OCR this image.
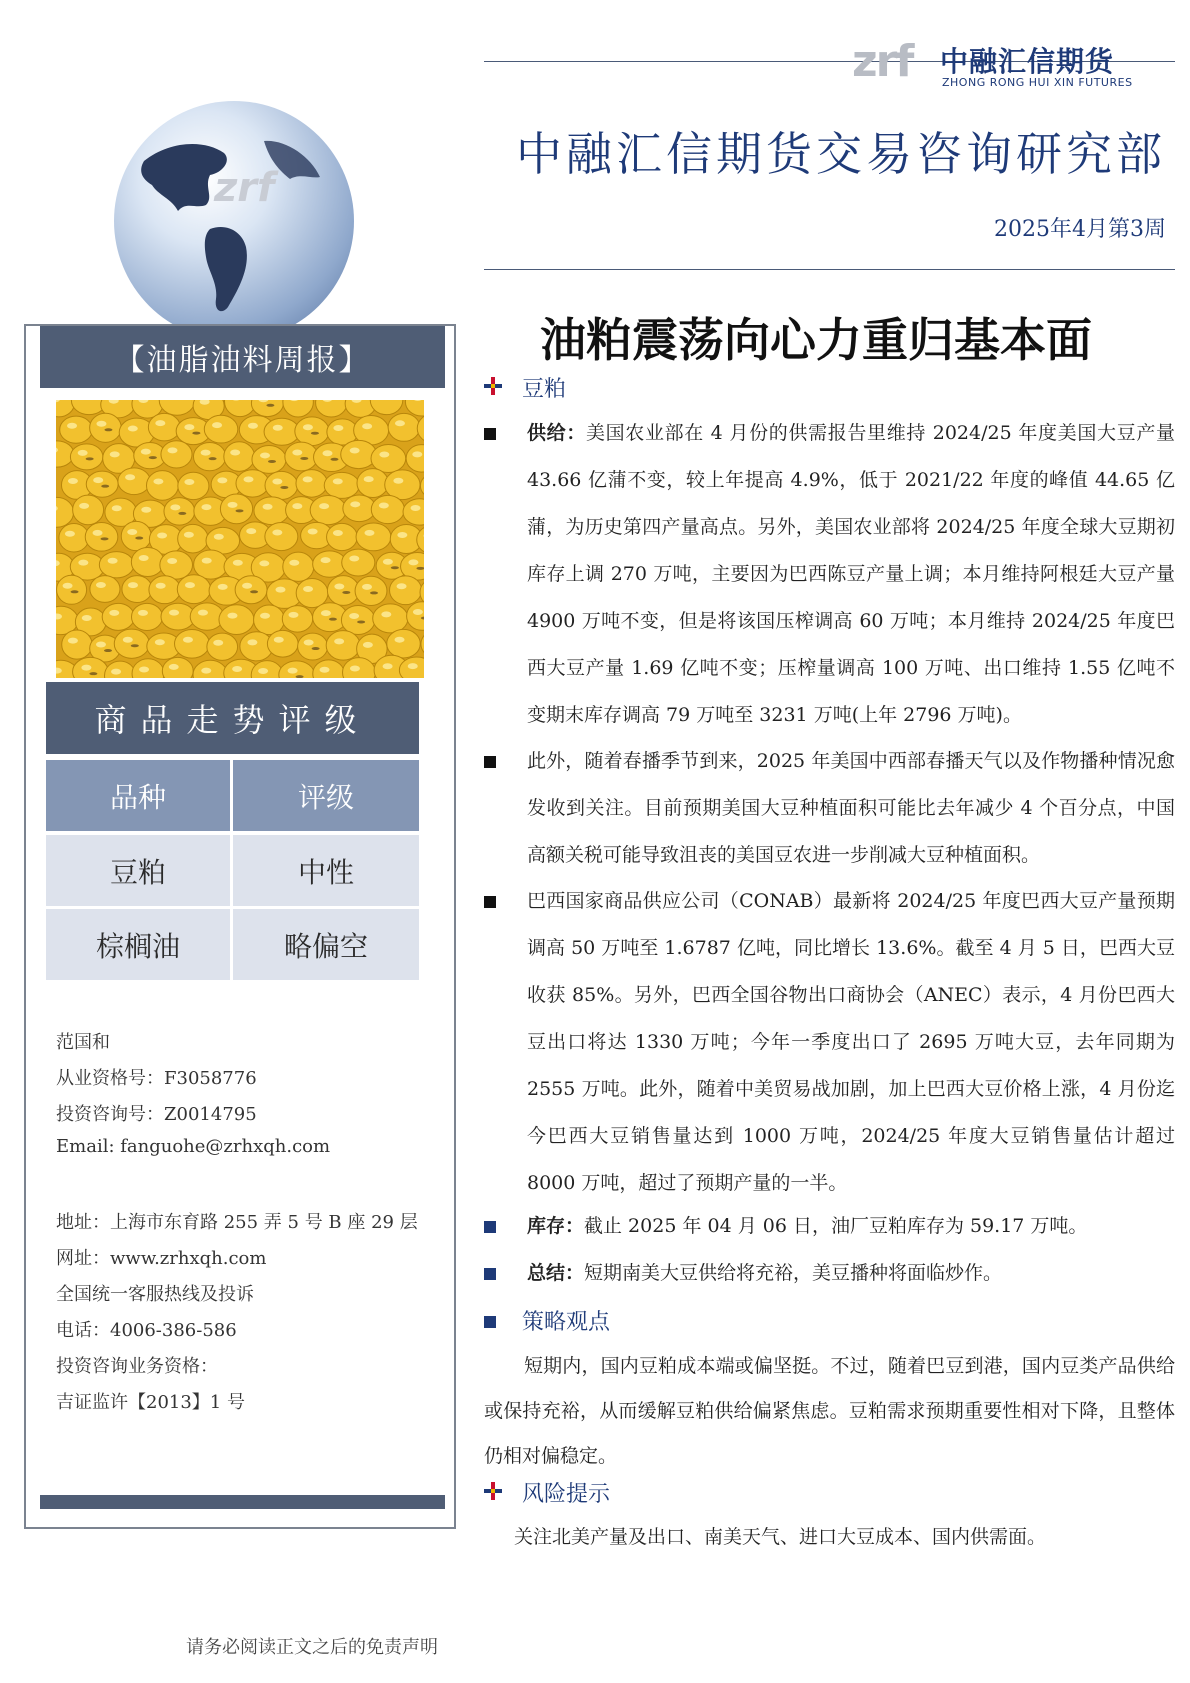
zrf 中融汇信期货
ZHONG RONG HUI XIN FUTURES
中融汇信期货交易咨询研究部
2025年4月第3周
zrf
【油脂油料周报】
商品走势评级
品种	评级
豆粕	中性
棕榈油	略偏空
范国和
从业资格号：F3058776
投资咨询号：Z0014795
Email: fanguohe@zrhxqh.com
地址：上海市东育路 255 弄 5 号 B 座 29 层
网址：www.zrhxqh.com
全国统一客服热线及投诉
电话：4006-386-586
投资咨询业务资格：
吉证监许【2013】1 号
油粕震荡向心力重归基本面
豆粕
供给：美国农业部在 4 月份的供需报告里维持 2024/25 年度美国大豆产量 43.66 亿蒲不变，较上年提高 4.9%，低于 2021/22 年度的峰值 44.65 亿蒲，为历史第四产量高点。另外，美国农业部将 2024/25 年度全球大豆期初库存上调 270 万吨，主要因为巴西陈豆产量上调；本月维持阿根廷大豆产量 4900 万吨不变，但是将该国压榨调高 60 万吨；本月维持 2024/25 年度巴西大豆产量 1.69 亿吨不变；压榨量调高 100 万吨、出口维持 1.55 亿吨不变期末库存调高 79 万吨至 3231 万吨(上年 2796 万吨)。
此外，随着春播季节到来，2025 年美国中西部春播天气以及作物播种情况愈发收到关注。目前预期美国大豆种植面积可能比去年减少 4 个百分点，中国高额关税可能导致沮丧的美国豆农进一步削减大豆种植面积。
巴西国家商品供应公司（CONAB）最新将 2024/25 年度巴西大豆产量预期调高 50 万吨至 1.6787 亿吨，同比增长 13.6%。截至 4 月 5 日，巴西大豆收获 85%。另外，巴西全国谷物出口商协会（ANEC）表示，4 月份巴西大豆出口将达 1330 万吨；今年一季度出口了 2695 万吨大豆，去年同期为 2555 万吨。此外，随着中美贸易战加剧，加上巴西大豆价格上涨，4 月份迄今巴西大豆销售量达到 1000 万吨，2024/25 年度大豆销售量估计超过 8000 万吨，超过了预期产量的一半。
库存：截止 2025 年 04 月 06 日，油厂豆粕库存为 59.17 万吨。
总结：短期南美大豆供给将充裕，美豆播种将面临炒作。
策略观点
短期内，国内豆粕成本端或偏坚挺。不过，随着巴豆到港，国内豆类产品供给或保持充裕，从而缓解豆粕供给偏紧焦虑。豆粕需求预期重要性相对下降，且整体仍相对偏稳定。
风险提示
关注北美产量及出口、南美天气、进口大豆成本、国内供需面。
请务必阅读正文之后的免责声明
